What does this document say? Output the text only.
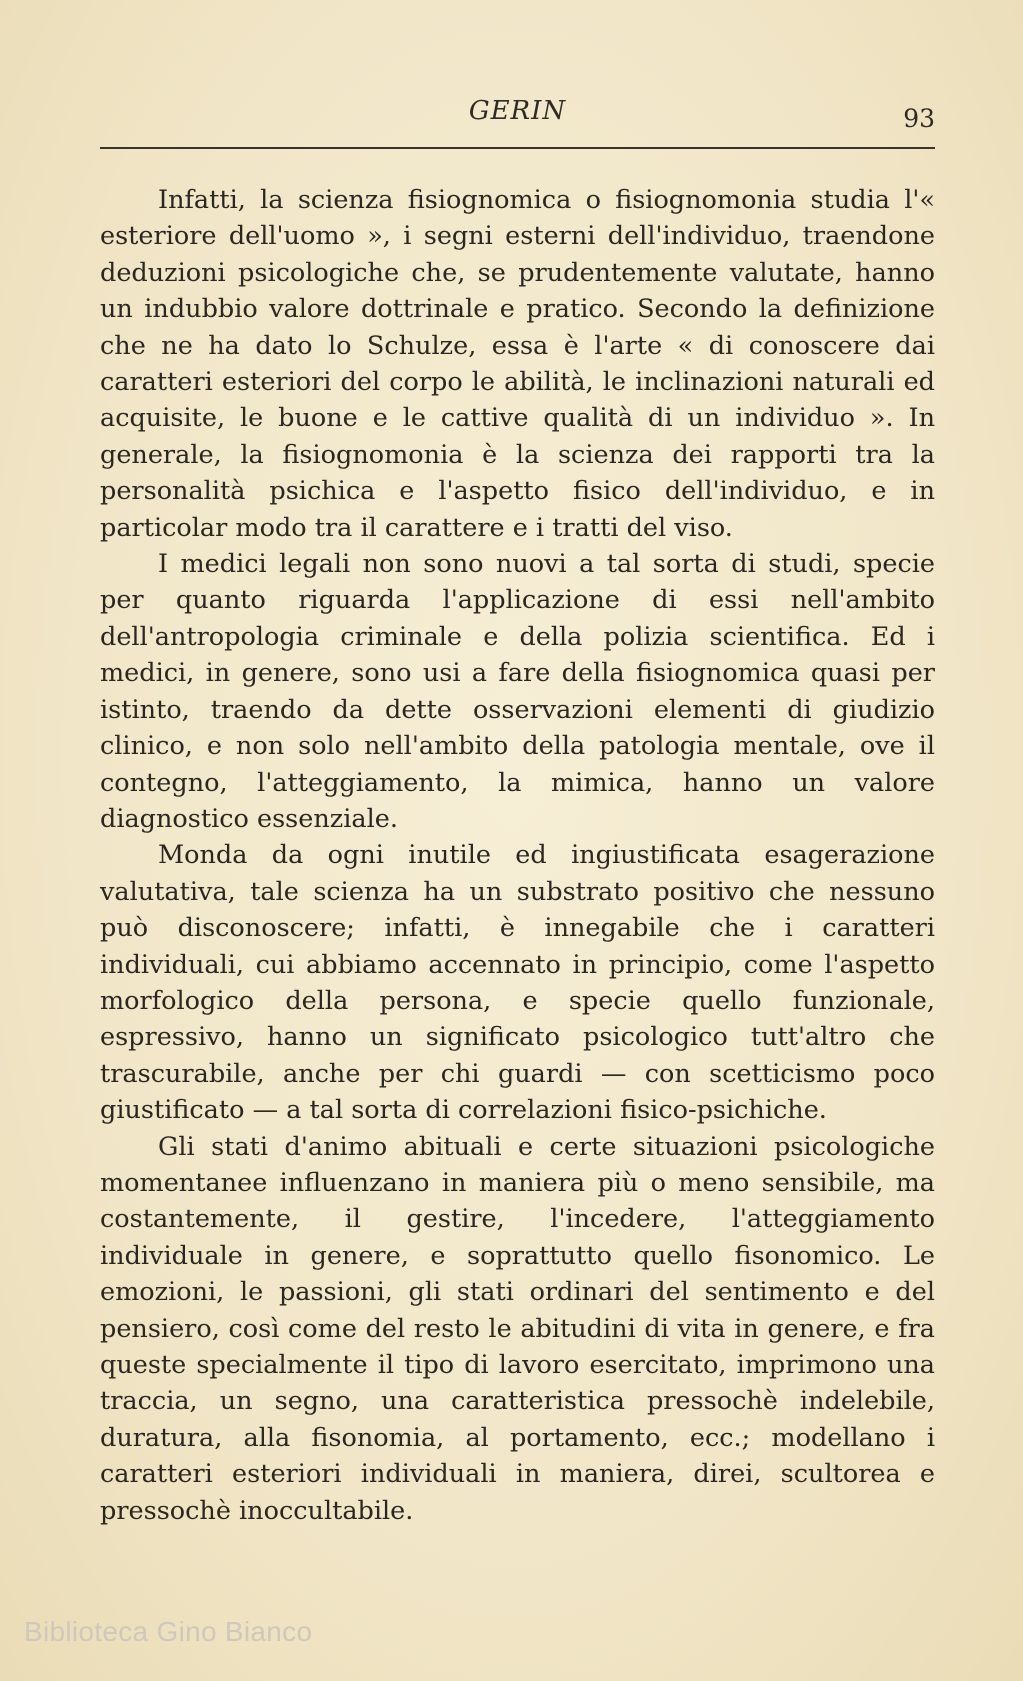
GERIN	93

Infatti, la scienza fisiognomica o fisiognomonia studia l'« esteriore dell'uomo », i segni esterni dell'individuo, traendone deduzioni psicologiche che, se prudentemente valutate, hanno un indubbio valore dottrinale e pratico. Secondo la definizione che ne ha dato lo Schulze, essa è l'arte « di conoscere dai caratteri esteriori del corpo le abilità, le inclinazioni naturali ed acquisite, le buone e le cattive qualità di un individuo ». In generale, la fisiognomonia è la scienza dei rapporti tra la personalità psichica e l'aspetto fisico dell'individuo, e in particolar modo tra il carattere e i tratti del viso.

I medici legali non sono nuovi a tal sorta di studi, specie per quanto riguarda l'applicazione di essi nell'ambito dell'antropologia criminale e della polizia scientifica. Ed i medici, in genere, sono usi a fare della fisiognomica quasi per istinto, traendo da dette osservazioni elementi di giudizio clinico, e non solo nell'ambito della patologia mentale, ove il contegno, l'atteggiamento, la mimica, hanno un valore diagnostico essenziale.

Monda da ogni inutile ed ingiustificata esagerazione valutativa, tale scienza ha un substrato positivo che nessuno può disconoscere; infatti, è innegabile che i caratteri individuali, cui abbiamo accennato in principio, come l'aspetto morfologico della persona, e specie quello funzionale, espressivo, hanno un significato psicologico tutt'altro che trascurabile, anche per chi guardi — con scetticismo poco giustificato — a tal sorta di correlazioni fisico-psichiche.

Gli stati d'animo abituali e certe situazioni psicologiche momentanee influenzano in maniera più o meno sensibile, ma costantemente, il gestire, l'incedere, l'atteggiamento individuale in genere, e soprattutto quello fisonomico. Le emozioni, le passioni, gli stati ordinari del sentimento e del pensiero, così come del resto le abitudini di vita in genere, e fra queste specialmente il tipo di lavoro esercitato, imprimono una traccia, un segno, una caratteristica pressochè indelebile, duratura, alla fisonomia, al portamento, ecc.; modellano i caratteri esteriori individuali in maniera, direi, scultorea e pressochè inoccultabile.

Biblioteca Gino Bianco
